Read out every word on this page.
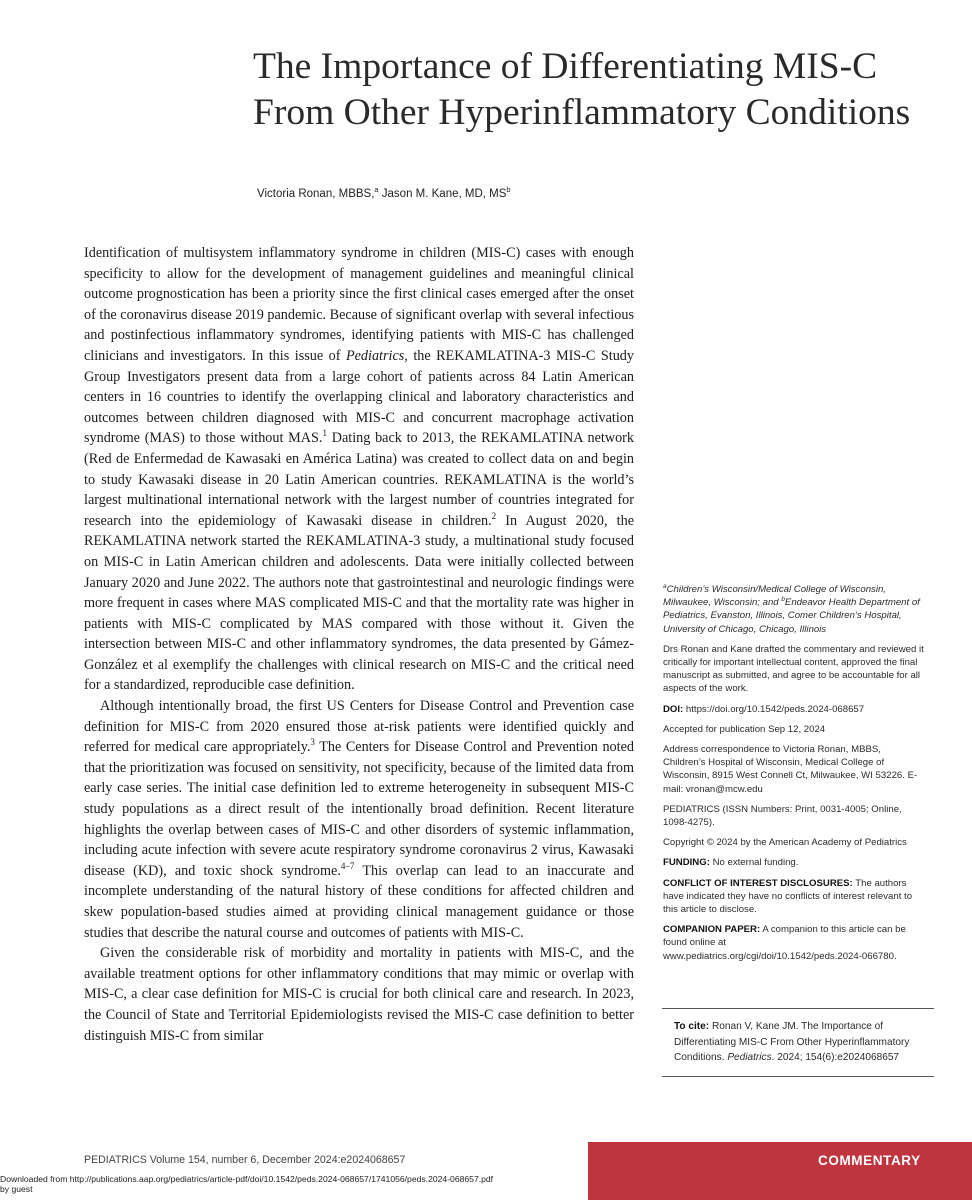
The Importance of Differentiating MIS-C From Other Hyperinflammatory Conditions
Victoria Ronan, MBBS,$^a$ Jason M. Kane, MD, $MS^b$

Identification of multisystem inflammatory syndrome in children (MIS-C) cases with enough specificity to allow for the development of management guidelines and meaningful clinical outcome prognostication has been a priority since the first clinical cases emerged after the onset of the coronavirus disease 2019 pandemic. Because of significant overlap with several infectious and postinfectious inflammatory syndromes, identifying patients with MIS-C has challenged clinicians and investigators. In this issue of Pediatrics, the REKAMLATINA-3 MIS-C Study Group Investigators present data from a large cohort of patients across 84 Latin American centers in 16 countries to identify the overlapping clinical and laboratory characteristics and outcomes between children diagnosed with MIS-C and concurrent macrophage activation syndrome (MAS) to those without MAS.$^1$ Dating back to 2013, the REKAMLATINA network (Red de Enfermedad de Kawasaki en América Latina) was created to collect data on and begin to study Kawasaki disease in 20 Latin American countries. REKAMLATINA is the world’s largest multinational international network with the largest number of countries integrated for research into the epidemiology of Kawasaki disease in children.$^2$ In August 2020, the REKAMLATINA network started the REKAMLATINA-3 study, a multinational study focused on MIS-C in Latin American children and adolescents. Data were initially collected between January 2020 and June 2022. The authors note that gastrointestinal and neurologic findings were more frequent in cases where MAS complicated MIS-C and that the mortality rate was higher in patients with MIS-C complicated by MAS compared with those without it. Given the intersection between MIS-C and other inflammatory syndromes, the data presented by Gámez-González et al exemplify the challenges with clinical research on MIS-C and the critical need for a standardized, reproducible case definition.

Although intentionally broad, the first US Centers for Disease Control and Prevention case definition for MIS-C from 2020 ensured those at-risk patients were identified quickly and referred for medical care appropriately.$^3$ The Centers for Disease Control and Prevention noted that the prioritization was focused on sensitivity, not specificity, because of the limited data from early case series. The initial case definition led to extreme heterogeneity in subsequent MIS-C study populations as a direct result of the intentionally broad definition. Recent literature highlights the overlap between cases of MIS-C and other disorders of systemic inflammation, including acute infection with severe acute respiratory syndrome coronavirus 2 virus, Kawasaki disease (KD), and toxic shock syndrome.$^{4-7}$ This overlap can lead to an inaccurate and incomplete understanding of the natural history of these conditions for affected children and skew population-based studies aimed at providing clinical management guidance or those studies that describe the natural course and outcomes of patients with MIS-C.

Given the considerable risk of morbidity and mortality in patients with MIS-C, and the available treatment options for other inflammatory conditions that may mimic or overlap with MIS-C, a clear case definition for MIS-C is crucial for both clinical care and research. In 2023, the Council of State and Territorial Epidemiologists revised the MIS-C case definition to better distinguish MIS-C from similar

$^a$Children’s Wisconsin/Medical College of Wisconsin, Milwaukee, Wisconsin; and $^b$Endeavor Health Department of Pediatrics, Evanston, Illinois, Comer Children’s Hospital, University of Chicago, Chicago, Illinois

Drs Ronan and Kane drafted the commentary and reviewed it critically for important intellectual content, approved the final manuscript as submitted, and agree to be accountable for all aspects of the work.

DOI: https://doi.org/10.1542/peds.2024-068657

Accepted for publication Sep 12, 2024

Address correspondence to Victoria Ronan, MBBS, Children’s Hospital of Wisconsin, Medical College of Wisconsin, 8915 West Connell Ct, Milwaukee, WI 53226. E-mail: vronan@mcw.edu

PEDIATRICS (ISSN Numbers: Print, 0031-4005; Online, 1098-4275).

Copyright © 2024 by the American Academy of Pediatrics

FUNDING: No external funding.

CONFLICT OF INTEREST DISCLOSURES: The authors have indicated they have no conflicts of interest relevant to this article to disclose.

COMPANION PAPER: A companion to this article can be found online at www.pediatrics.org/cgi/doi/10.1542/peds.2024-066780.

To cite: Ronan V, Kane JM. The Importance of Differentiating MIS-C From Other Hyperinflammatory Conditions. Pediatrics. 2024; 154(6):e2024068657
PEDIATRICS Volume 154, number 6, December 2024:e2024068657	COMMENTARY
Downloaded from http://publications.aap.org/pediatrics/article-pdf/doi/10.1542/peds.2024-068657/1741056/peds.2024-068657.pdf
by guest
